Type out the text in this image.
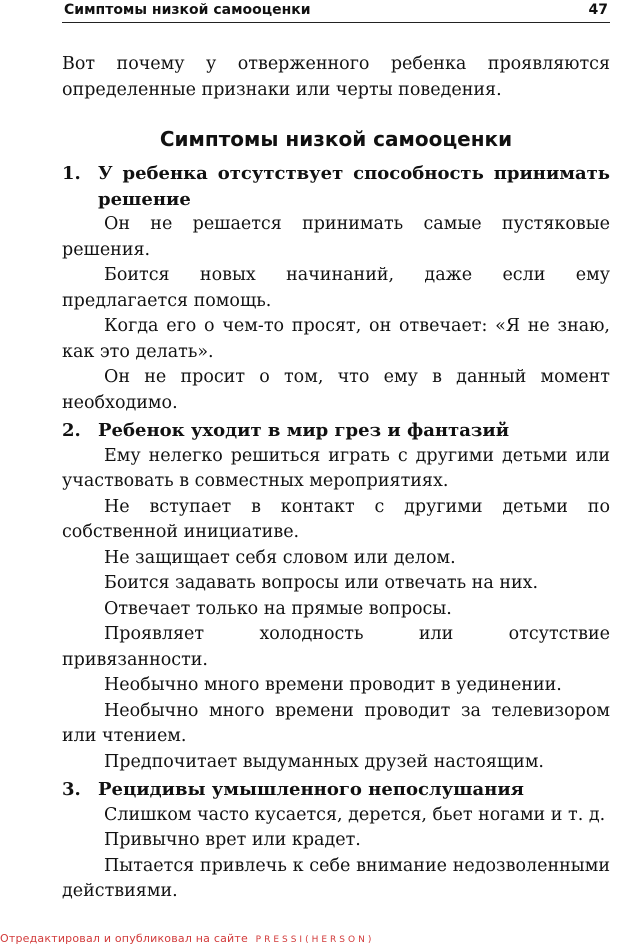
Симптомы низкой самооценки	47

Вот почему у отверженного ребенка проявляются определенные признаки или черты поведения.

Симптомы низкой самооценки
1. У ребенка отсутствует способность принимать решение

Он не решается принимать самые пустяковые решения.

Боится новых начинаний, даже если ему предлагается помощь.

Когда его о чем-то просят, он отвечает: «Я не знаю, как это делать».

Он не просит о том, что ему в данный момент необходимо.

2. Ребенок уходит в мир грез и фантазий

Ему нелегко решиться играть с другими детьми или участвовать в совместных мероприятиях.

Не вступает в контакт с другими детьми по собственной инициативе.

Не защищает себя словом или делом.

Боится задавать вопросы или отвечать на них.

Отвечает только на прямые вопросы.

Проявляет холодность или отсутствие привязанности.

Необычно много времени проводит в уединении.

Необычно много времени проводит за телевизором или чтением.

Предпочитает выдуманных друзей настоящим.

3. Рецидивы умышленного непослушания

Слишком часто кусается, дерется, бьет ногами и т. д.

Привычно врет или крадет.

Пытается привлечь к себе внимание недозволенными действиями.

Отредактировал и опубликовал на сайте PRESSI(HERSON)
